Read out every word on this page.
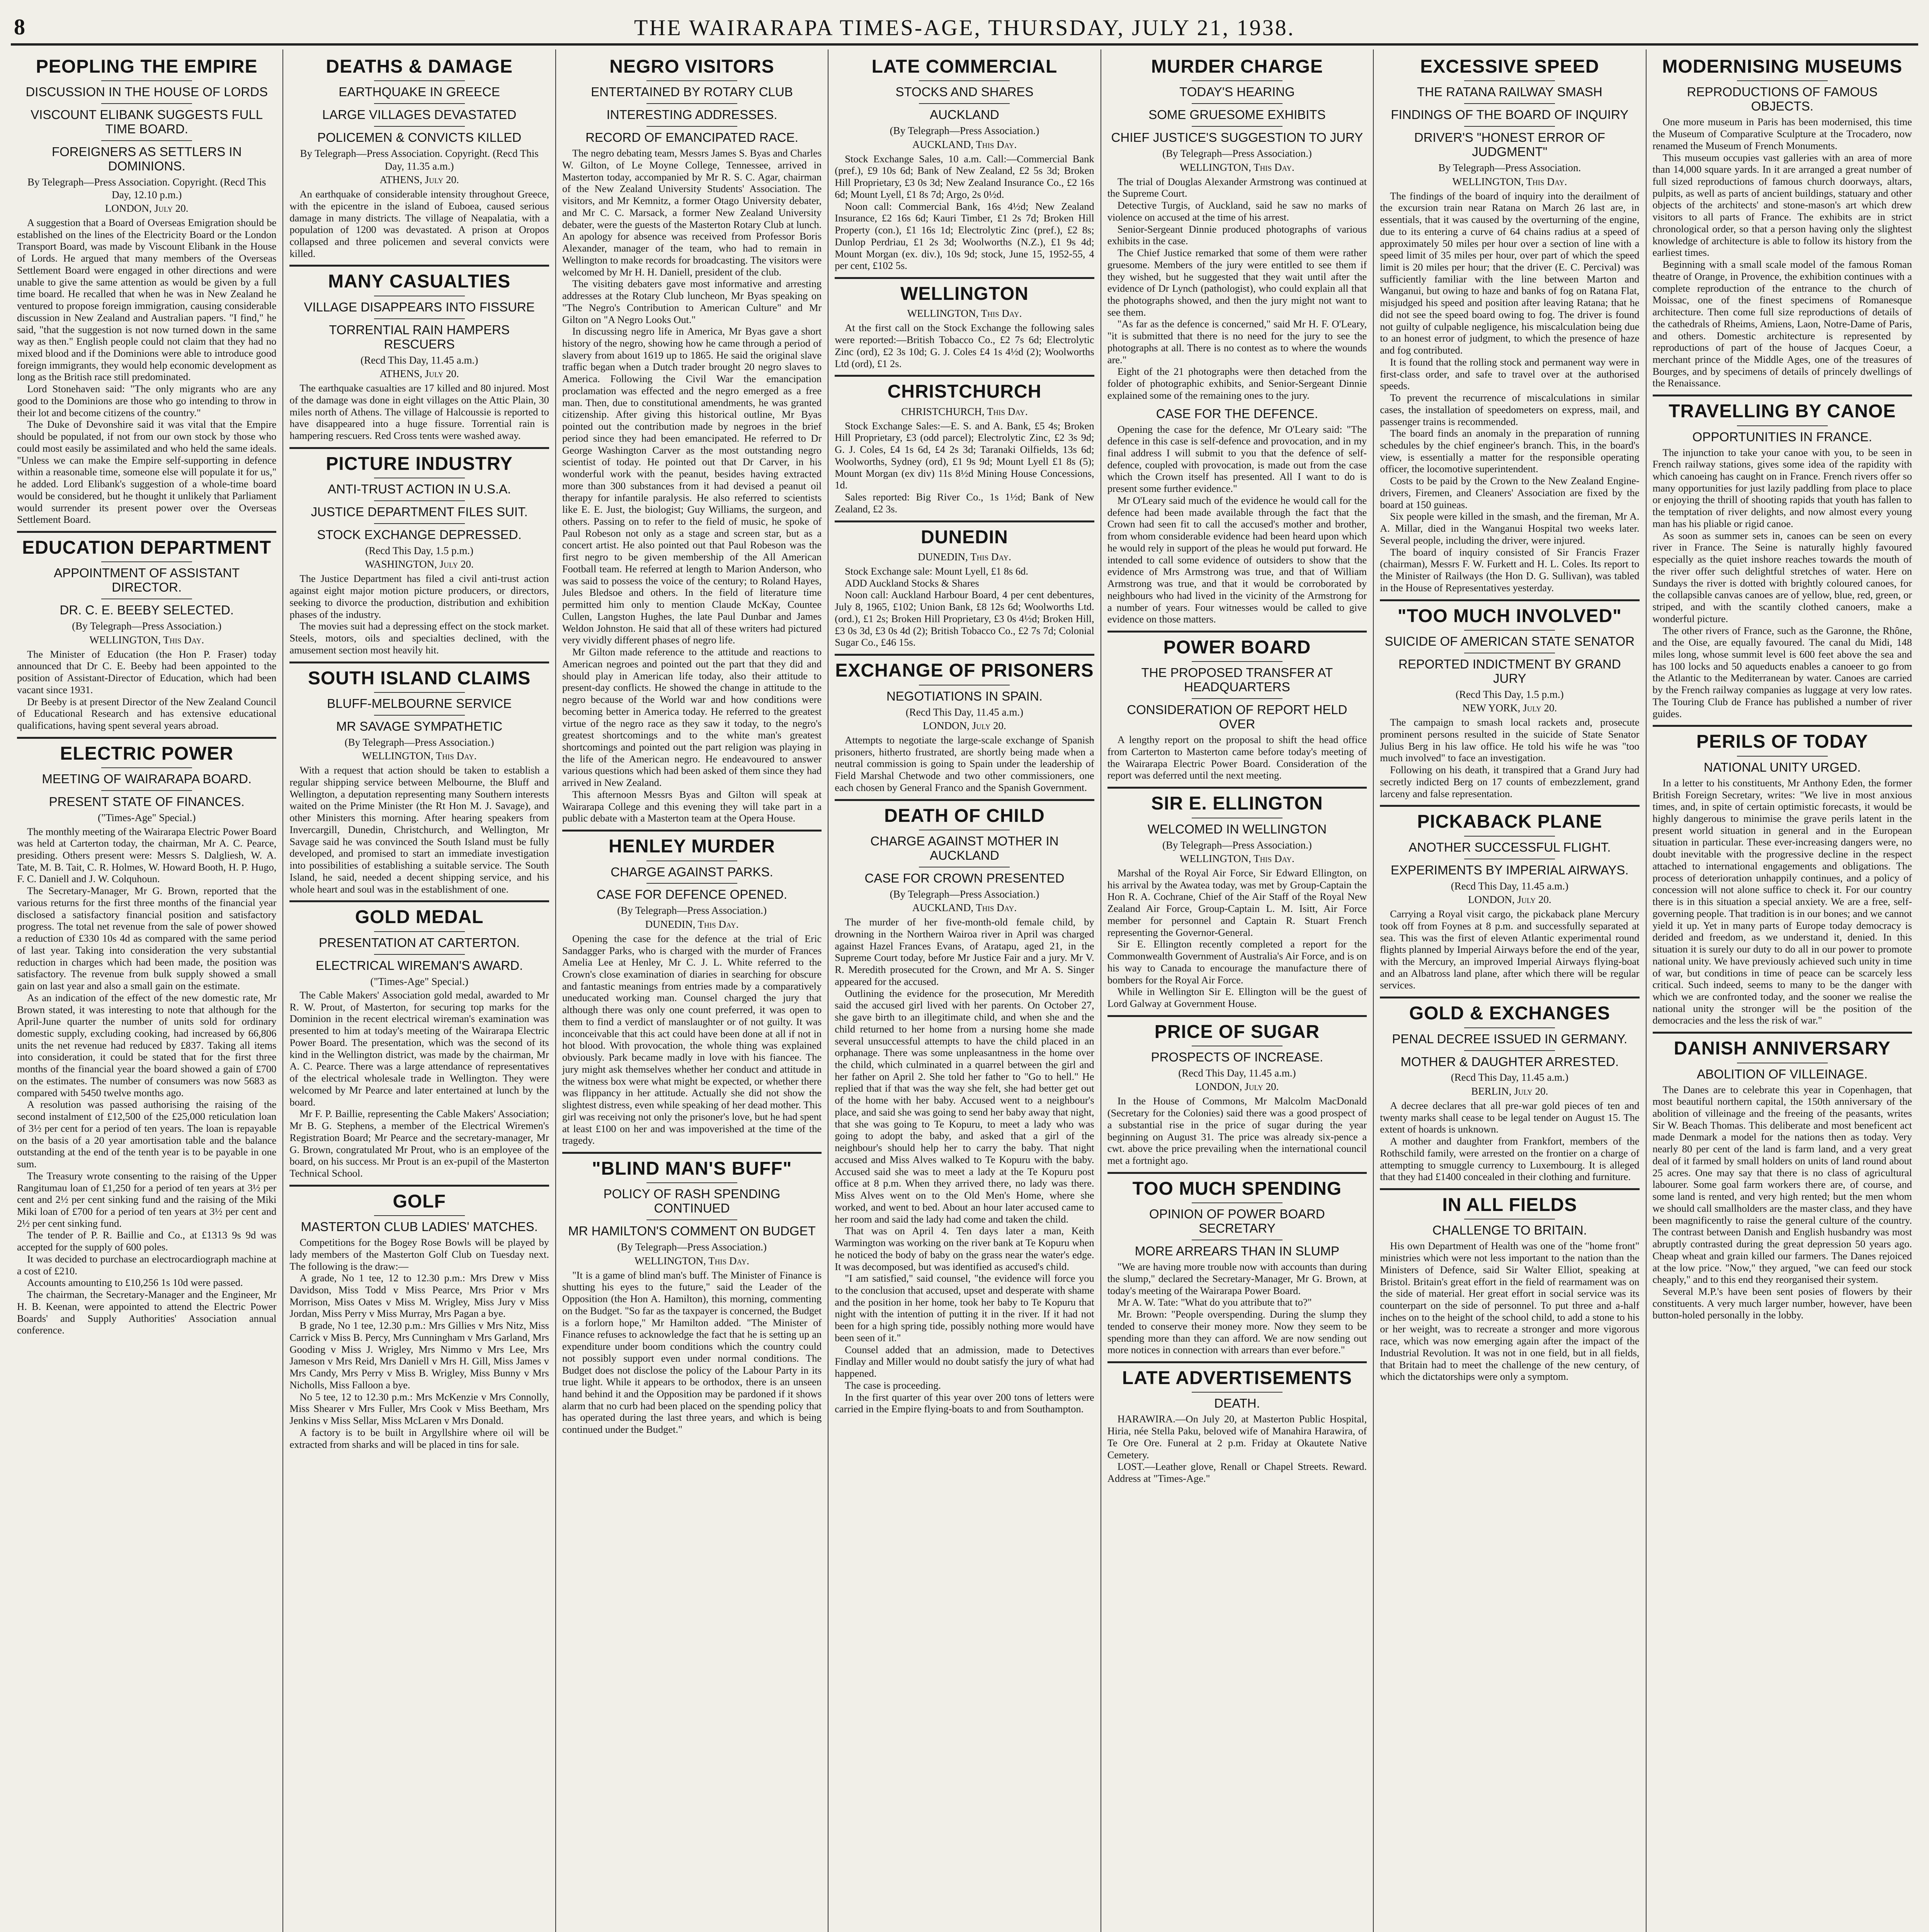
8	THE WAIRARAPA TIMES-AGE, THURSDAY, JULY 21, 1938.
PEOPLING THE EMPIRE
DISCUSSION IN THE HOUSE OF LORDS
VISCOUNT ELIBANK SUGGESTS FULL TIME BOARD.
FOREIGNERS AS SETTLERS IN DOMINIONS.
By Telegraph—Press Association. Copyright. (Recd This Day, 12.10 p.m.)
LONDON, July 20.

A suggestion that a Board of Overseas Emigration should be established on the lines of the Electricity Board or the London Transport Board, was made by Viscount Elibank in the House of Lords. He argued that many members of the Overseas Settlement Board were engaged in other directions and were unable to give the same attention as would be given by a full time board. He recalled that when he was in New Zealand he ventured to propose foreign immigration, causing considerable discussion in New Zealand and Australian papers. "I find," he said, "that the suggestion is not now turned down in the same way as then." English people could not claim that they had no mixed blood and if the Dominions were able to introduce good foreign immigrants, they would help economic development as long as the British race still predominated.

Lord Stonehaven said: "The only migrants who are any good to the Dominions are those who go intending to throw in their lot and become citizens of the country."

The Duke of Devonshire said it was vital that the Empire should be populated, if not from our own stock by those who could most easily be assimilated and who held the same ideals. "Unless we can make the Empire self-supporting in defence within a reasonable time, someone else will populate it for us," he added. Lord Elibank's suggestion of a whole-time board would be considered, but he thought it unlikely that Parliament would surrender its present power over the Overseas Settlement Board.

EDUCATION DEPARTMENT
APPOINTMENT OF ASSISTANT DIRECTOR.
DR. C. E. BEEBY SELECTED.
(By Telegraph—Press Association.)
WELLINGTON, This Day.

The Minister of Education (the Hon P. Fraser) today announced that Dr C. E. Beeby had been appointed to the position of Assistant-Director of Education, which had been vacant since 1931.

Dr Beeby is at present Director of the New Zealand Council of Educational Research and has extensive educational qualifications, having spent several years abroad.

ELECTRIC POWER
MEETING OF WAIRARAPA BOARD.
PRESENT STATE OF FINANCES.
("Times-Age" Special.)

The monthly meeting of the Wairarapa Electric Power Board was held at Carterton today, the chairman, Mr A. C. Pearce, presiding. Others present were: Messrs S. Dalgliesh, W. A. Tate, M. B. Tait, C. R. Holmes, W. Howard Booth, H. P. Hugo, F. C. Daniell and J. W. Colquhoun.

The Secretary-Manager, Mr G. Brown, reported that the various returns for the first three months of the financial year disclosed a satisfactory financial position and satisfactory progress. The total net revenue from the sale of power showed a reduction of £330 10s 4d as compared with the same period of last year. Taking into consideration the very substantial reduction in charges which had been made, the position was satisfactory. The revenue from bulk supply showed a small gain on last year and also a small gain on the estimate.

As an indication of the effect of the new domestic rate, Mr Brown stated, it was interesting to note that although for the April-June quarter the number of units sold for ordinary domestic supply, excluding cooking, had increased by 66,806 units the net revenue had reduced by £837. Taking all items into consideration, it could be stated that for the first three months of the financial year the board showed a gain of £700 on the estimates. The number of consumers was now 5683 as compared with 5450 twelve months ago.

A resolution was passed authorising the raising of the second instalment of £12,500 of the £25,000 reticulation loan of 3½ per cent for a period of ten years. The loan is repayable on the basis of a 20 year amortisation table and the balance outstanding at the end of the tenth year is to be payable in one sum.

The Treasury wrote consenting to the raising of the Upper Rangitumau loan of £1,250 for a period of ten years at 3½ per cent and 2½ per cent sinking fund and the raising of the Miki Miki loan of £700 for a period of ten years at 3½ per cent and 2½ per cent sinking fund.

The tender of P. R. Baillie and Co., at £1313 9s 9d was accepted for the supply of 600 poles.

It was decided to purchase an electrocardiograph machine at a cost of £210.

Accounts amounting to £10,256 1s 10d were passed.

The chairman, the Secretary-Manager and the Engineer, Mr H. B. Keenan, were appointed to attend the Electric Power Boards' and Supply Authorities' Association annual conference.

DEATHS & DAMAGE
EARTHQUAKE IN GREECE
LARGE VILLAGES DEVASTATED
POLICEMEN & CONVICTS KILLED
By Telegraph—Press Association. Copyright. (Recd This Day, 11.35 a.m.)
ATHENS, July 20.

An earthquake of considerable intensity throughout Greece, with the epicentre in the island of Euboea, caused serious damage in many districts. The village of Neapalatia, with a population of 1200 was devastated. A prison at Oropos collapsed and three policemen and several convicts were killed.

MANY CASUALTIES
VILLAGE DISAPPEARS INTO FISSURE
TORRENTIAL RAIN HAMPERS RESCUERS
(Recd This Day, 11.45 a.m.)
ATHENS, July 20.

The earthquake casualties are 17 killed and 80 injured. Most of the damage was done in eight villages on the Attic Plain, 30 miles north of Athens. The village of Halcoussie is reported to have disappeared into a huge fissure. Torrential rain is hampering rescuers. Red Cross tents were washed away.

PICTURE INDUSTRY
ANTI-TRUST ACTION IN U.S.A.
JUSTICE DEPARTMENT FILES SUIT.
STOCK EXCHANGE DEPRESSED.
(Recd This Day, 1.5 p.m.)
WASHINGTON, July 20.

The Justice Department has filed a civil anti-trust action against eight major motion picture producers, or directors, seeking to divorce the production, distribution and exhibition phases of the industry.

The movies suit had a depressing effect on the stock market. Steels, motors, oils and specialties declined, with the amusement section most heavily hit.

SOUTH ISLAND CLAIMS
BLUFF-MELBOURNE SERVICE
MR SAVAGE SYMPATHETIC
(By Telegraph—Press Association.)
WELLINGTON, This Day.

With a request that action should be taken to establish a regular shipping service between Melbourne, the Bluff and Wellington, a deputation representing many Southern interests waited on the Prime Minister (the Rt Hon M. J. Savage), and other Ministers this morning. After hearing speakers from Invercargill, Dunedin, Christchurch, and Wellington, Mr Savage said he was convinced the South Island must be fully developed, and promised to start an immediate investigation into possibilities of establishing a suitable service. The South Island, he said, needed a decent shipping service, and his whole heart and soul was in the establishment of one.

GOLD MEDAL
PRESENTATION AT CARTERTON.
ELECTRICAL WIREMAN'S AWARD.
("Times-Age" Special.)

The Cable Makers' Association gold medal, awarded to Mr R. W. Prout, of Masterton, for securing top marks for the Dominion in the recent electrical wireman's examination was presented to him at today's meeting of the Wairarapa Electric Power Board. The presentation, which was the second of its kind in the Wellington district, was made by the chairman, Mr A. C. Pearce. There was a large attendance of representatives of the electrical wholesale trade in Wellington. They were welcomed by Mr Pearce and later entertained at lunch by the board.

Mr F. P. Baillie, representing the Cable Makers' Association; Mr B. G. Stephens, a member of the Electrical Wiremen's Registration Board; Mr Pearce and the secretary-manager, Mr G. Brown, congratulated Mr Prout, who is an employee of the board, on his success. Mr Prout is an ex-pupil of the Masterton Technical School.

GOLF
MASTERTON CLUB LADIES' MATCHES.

Competitions for the Bogey Rose Bowls will be played by lady members of the Masterton Golf Club on Tuesday next. The following is the draw:—

A grade, No 1 tee, 12 to 12.30 p.m.: Mrs Drew v Miss Davidson, Miss Todd v Miss Pearce, Mrs Prior v Mrs Morrison, Miss Oates v Miss M. Wrigley, Miss Jury v Miss Jordan, Miss Perry v Miss Murray, Mrs Pagan a bye.

B grade, No 1 tee, 12.30 p.m.: Mrs Gillies v Mrs Nitz, Miss Carrick v Miss B. Percy, Mrs Cunningham v Mrs Garland, Mrs Gooding v Miss J. Wrigley, Mrs Nimmo v Mrs Lee, Mrs Jameson v Mrs Reid, Mrs Daniell v Mrs H. Gill, Miss James v Mrs Candy, Mrs Perry v Miss B. Wrigley, Miss Bunny v Mrs Nicholls, Miss Falloon a bye.

No 5 tee, 12 to 12.30 p.m.: Mrs McKenzie v Mrs Connolly, Miss Shearer v Mrs Fuller, Mrs Cook v Miss Beetham, Mrs Jenkins v Miss Sellar, Miss McLaren v Mrs Donald.

A factory is to be built in Argyllshire where oil will be extracted from sharks and will be placed in tins for sale.

NEGRO VISITORS
ENTERTAINED BY ROTARY CLUB
INTERESTING ADDRESSES.
RECORD OF EMANCIPATED RACE.

The negro debating team, Messrs James S. Byas and Charles W. Gilton, of Le Moyne College, Tennessee, arrived in Masterton today, accompanied by Mr R. S. C. Agar, chairman of the New Zealand University Students' Association. The visitors, and Mr Kemnitz, a former Otago University debater, and Mr C. C. Marsack, a former New Zealand University debater, were the guests of the Masterton Rotary Club at lunch. An apology for absence was received from Professor Boris Alexander, manager of the team, who had to remain in Wellington to make records for broadcasting. The visitors were welcomed by Mr H. H. Daniell, president of the club.

The visiting debaters gave most informative and arresting addresses at the Rotary Club luncheon, Mr Byas speaking on "The Negro's Contribution to American Culture" and Mr Gilton on "A Negro Looks Out."

In discussing negro life in America, Mr Byas gave a short history of the negro, showing how he came through a period of slavery from about 1619 up to 1865. He said the original slave traffic began when a Dutch trader brought 20 negro slaves to America. Following the Civil War the emancipation proclamation was effected and the negro emerged as a free man. Then, due to constitutional amendments, he was granted citizenship. After giving this historical outline, Mr Byas pointed out the contribution made by negroes in the brief period since they had been emancipated. He referred to Dr George Washington Carver as the most outstanding negro scientist of today. He pointed out that Dr Carver, in his wonderful work with the peanut, besides having extracted more than 300 substances from it had devised a peanut oil therapy for infantile paralysis. He also referred to scientists like E. E. Just, the biologist; Guy Williams, the surgeon, and others. Passing on to refer to the field of music, he spoke of Paul Robeson not only as a stage and screen star, but as a concert artist. He also pointed out that Paul Robeson was the first negro to be given membership of the All American Football team. He referred at length to Marion Anderson, who was said to possess the voice of the century; to Roland Hayes, Jules Bledsoe and others. In the field of literature time permitted him only to mention Claude McKay, Countee Cullen, Langston Hughes, the late Paul Dunbar and James Weldon Johnston. He said that all of these writers had pictured very vividly different phases of negro life.

Mr Gilton made reference to the attitude and reactions to American negroes and pointed out the part that they did and should play in American life today, also their attitude to present-day conflicts. He showed the change in attitude to the negro because of the World war and how conditions were becoming better in America today. He referred to the greatest virtue of the negro race as they saw it today, to the negro's greatest shortcomings and to the white man's greatest shortcomings and pointed out the part religion was playing in the life of the American negro. He endeavoured to answer various questions which had been asked of them since they had arrived in New Zealand.

This afternoon Messrs Byas and Gilton will speak at Wairarapa College and this evening they will take part in a public debate with a Masterton team at the Opera House.

HENLEY MURDER
CHARGE AGAINST PARKS.
CASE FOR DEFENCE OPENED.
(By Telegraph—Press Association.)
DUNEDIN, This Day.

Opening the case for the defence at the trial of Eric Sandagger Parks, who is charged with the murder of Frances Amelia Lee at Henley, Mr C. J. L. White referred to the Crown's close examination of diaries in searching for obscure and fantastic meanings from entries made by a comparatively uneducated working man. Counsel charged the jury that although there was only one count preferred, it was open to them to find a verdict of manslaughter or of not guilty. It was inconceivable that this act could have been done at all if not in hot blood. With provocation, the whole thing was explained obviously. Park became madly in love with his fiancee. The jury might ask themselves whether her conduct and attitude in the witness box were what might be expected, or whether there was flippancy in her attitude. Actually she did not show the slightest distress, even while speaking of her dead mother. This girl was receiving not only the prisoner's love, but he had spent at least £100 on her and was impoverished at the time of the tragedy.

"BLIND MAN'S BUFF"
POLICY OF RASH SPENDING CONTINUED
MR HAMILTON'S COMMENT ON BUDGET
(By Telegraph—Press Association.)
WELLINGTON, This Day.

"It is a game of blind man's buff. The Minister of Finance is shutting his eyes to the future," said the Leader of the Opposition (the Hon A. Hamilton), this morning, commenting on the Budget. "So far as the taxpayer is concerned, the Budget is a forlorn hope," Mr Hamilton added. "The Minister of Finance refuses to acknowledge the fact that he is setting up an expenditure under boom conditions which the country could not possibly support even under normal conditions. The Budget does not disclose the policy of the Labour Party in its true light. While it appears to be orthodox, there is an unseen hand behind it and the Opposition may be pardoned if it shows alarm that no curb had been placed on the spending policy that has operated during the last three years, and which is being continued under the Budget."

LATE COMMERCIAL
STOCKS AND SHARES
AUCKLAND
(By Telegraph—Press Association.)
AUCKLAND, This Day.

Stock Exchange Sales, 10 a.m. Call:—Commercial Bank (pref.), £9 10s 6d; Bank of New Zealand, £2 5s 3d; Broken Hill Proprietary, £3 0s 3d; New Zealand Insurance Co., £2 16s 6d; Mount Lyell, £1 8s 7d; Argo, 2s 0½d.

Noon call: Commercial Bank, 16s 4½d; New Zealand Insurance, £2 16s 6d; Kauri Timber, £1 2s 7d; Broken Hill Property (con.), £1 16s 1d; Electrolytic Zinc (pref.), £2 8s; Dunlop Perdriau, £1 2s 3d; Woolworths (N.Z.), £1 9s 4d; Mount Morgan (ex. div.), 10s 9d; stock, June 15, 1952-55, 4 per cent, £102 5s.

WELLINGTON
WELLINGTON, This Day.

At the first call on the Stock Exchange the following sales were reported:—British Tobacco Co., £2 7s 6d; Electrolytic Zinc (ord), £2 3s 10d; G. J. Coles £4 1s 4½d (2); Woolworths Ltd (ord), £1 2s.

CHRISTCHURCH
CHRISTCHURCH, This Day.

Stock Exchange Sales:—E. S. and A. Bank, £5 4s; Broken Hill Proprietary, £3 (odd parcel); Electrolytic Zinc, £2 3s 9d; G. J. Coles, £4 1s 6d, £4 2s 3d; Taranaki Oilfields, 13s 6d; Woolworths, Sydney (ord), £1 9s 9d; Mount Lyell £1 8s (5); Mount Morgan (ex div) 11s 8½d Mining House Concessions, 1d.

Sales reported: Big River Co., 1s 1½d; Bank of New Zealand, £2 3s.

DUNEDIN
DUNEDIN, This Day.

Stock Exchange sale: Mount Lyell, £1 8s 6d.

ADD Auckland Stocks & Shares

Noon call: Auckland Harbour Board, 4 per cent debentures, July 8, 1965, £102; Union Bank, £8 12s 6d; Woolworths Ltd. (ord.), £1 2s; Broken Hill Proprietary, £3 0s 4½d; Broken Hill, £3 0s 3d, £3 0s 4d (2); British Tobacco Co., £2 7s 7d; Colonial Sugar Co., £46 15s.

EXCHANGE OF PRISONERS
NEGOTIATIONS IN SPAIN.
(Recd This Day, 11.45 a.m.)
LONDON, July 20.

Attempts to negotiate the large-scale exchange of Spanish prisoners, hitherto frustrated, are shortly being made when a neutral commission is going to Spain under the leadership of Field Marshal Chetwode and two other commissioners, one each chosen by General Franco and the Spanish Government.

DEATH OF CHILD
CHARGE AGAINST MOTHER IN AUCKLAND
CASE FOR CROWN PRESENTED
(By Telegraph—Press Association.)
AUCKLAND, This Day.

The murder of her five-month-old female child, by drowning in the Northern Wairoa river in April was charged against Hazel Frances Evans, of Aratapu, aged 21, in the Supreme Court today, before Mr Justice Fair and a jury. Mr V. R. Meredith prosecuted for the Crown, and Mr A. S. Singer appeared for the accused.

Outlining the evidence for the prosecution, Mr Meredith said the accused girl lived with her parents. On October 27, she gave birth to an illegitimate child, and when she and the child returned to her home from a nursing home she made several unsuccessful attempts to have the child placed in an orphanage. There was some unpleasantness in the home over the child, which culminated in a quarrel between the girl and her father on April 2. She told her father to "Go to hell." He replied that if that was the way she felt, she had better get out of the home with her baby. Accused went to a neighbour's place, and said she was going to send her baby away that night, that she was going to Te Kopuru, to meet a lady who was going to adopt the baby, and asked that a girl of the neighbour's should help her to carry the baby. That night accused and Miss Alves walked to Te Kopuru with the baby. Accused said she was to meet a lady at the Te Kopuru post office at 8 p.m. When they arrived there, no lady was there. Miss Alves went on to the Old Men's Home, where she worked, and went to bed. About an hour later accused came to her room and said the lady had come and taken the child.

That was on April 4. Ten days later a man, Keith Warmington was working on the river bank at Te Kopuru when he noticed the body of baby on the grass near the water's edge. It was decomposed, but was identified as accused's child.

"I am satisfied," said counsel, "the evidence will force you to the conclusion that accused, upset and desperate with shame and the position in her home, took her baby to Te Kopuru that night with the intention of putting it in the river. If it had not been for a high spring tide, possibly nothing more would have been seen of it."

Counsel added that an admission, made to Detectives Findlay and Miller would no doubt satisfy the jury of what had happened.

The case is proceeding.

In the first quarter of this year over 200 tons of letters were carried in the Empire flying-boats to and from Southampton.

MURDER CHARGE
TODAY'S HEARING
SOME GRUESOME EXHIBITS
CHIEF JUSTICE'S SUGGESTION TO JURY
(By Telegraph—Press Association.)
WELLINGTON, This Day.

The trial of Douglas Alexander Armstrong was continued at the Supreme Court.

Detective Turgis, of Auckland, said he saw no marks of violence on accused at the time of his arrest.

Senior-Sergeant Dinnie produced photographs of various exhibits in the case.

The Chief Justice remarked that some of them were rather gruesome. Members of the jury were entitled to see them if they wished, but he suggested that they wait until after the evidence of Dr Lynch (pathologist), who could explain all that the photographs showed, and then the jury might not want to see them.

"As far as the defence is concerned," said Mr H. F. O'Leary, "it is submitted that there is no need for the jury to see the photographs at all. There is no contest as to where the wounds are."

Eight of the 21 photographs were then detached from the folder of photographic exhibits, and Senior-Sergeant Dinnie explained some of the remaining ones to the jury.

CASE FOR THE DEFENCE.

Opening the case for the defence, Mr O'Leary said: "The defence in this case is self-defence and provocation, and in my final address I will submit to you that the defence of self-defence, coupled with provocation, is made out from the case which the Crown itself has presented. All I want to do is present some further evidence."

Mr O'Leary said much of the evidence he would call for the defence had been made available through the fact that the Crown had seen fit to call the accused's mother and brother, from whom considerable evidence had been heard upon which he would rely in support of the pleas he would put forward. He intended to call some evidence of outsiders to show that the evidence of Mrs Armstrong was true, and that of William Armstrong was true, and that it would be corroborated by neighbours who had lived in the vicinity of the Armstrong for a number of years. Four witnesses would be called to give evidence on those matters.

POWER BOARD
THE PROPOSED TRANSFER AT HEADQUARTERS
CONSIDERATION OF REPORT HELD OVER

A lengthy report on the proposal to shift the head office from Carterton to Masterton came before today's meeting of the Wairarapa Electric Power Board. Consideration of the report was deferred until the next meeting.

SIR E. ELLINGTON
WELCOMED IN WELLINGTON
(By Telegraph—Press Association.)
WELLINGTON, This Day.

Marshal of the Royal Air Force, Sir Edward Ellington, on his arrival by the Awatea today, was met by Group-Captain the Hon R. A. Cochrane, Chief of the Air Staff of the Royal New Zealand Air Force, Group-Captain L. M. Isitt, Air Force member for personnel and Captain R. Stuart French representing the Governor-General.

Sir E. Ellington recently completed a report for the Commonwealth Government of Australia's Air Force, and is on his way to Canada to encourage the manufacture there of bombers for the Royal Air Force.

While in Wellington Sir E. Ellington will be the guest of Lord Galway at Government House.

PRICE OF SUGAR
PROSPECTS OF INCREASE.
(Recd This Day, 11.45 a.m.)
LONDON, July 20.

In the House of Commons, Mr Malcolm MacDonald (Secretary for the Colonies) said there was a good prospect of a substantial rise in the price of sugar during the year beginning on August 31. The price was already six-pence a cwt. above the price prevailing when the international council met a fortnight ago.

TOO MUCH SPENDING
OPINION OF POWER BOARD SECRETARY
MORE ARREARS THAN IN SLUMP

"We are having more trouble now with accounts than during the slump," declared the Secretary-Manager, Mr G. Brown, at today's meeting of the Wairarapa Power Board.

Mr A. W. Tate: "What do you attribute that to?"

Mr. Brown: "People overspending. During the slump they tended to conserve their money more. Now they seem to be spending more than they can afford. We are now sending out more notices in connection with arrears than ever before."

LATE ADVERTISEMENTS
DEATH.

HARAWIRA.—On July 20, at Masterton Public Hospital, Hiria, née Stella Paku, beloved wife of Manahira Harawira, of Te Ore Ore. Funeral at 2 p.m. Friday at Okautete Native Cemetery.

LOST.—Leather glove, Renall or Chapel Streets. Reward. Address at "Times-Age."

EXCESSIVE SPEED
THE RATANA RAILWAY SMASH
FINDINGS OF THE BOARD OF INQUIRY
DRIVER'S "HONEST ERROR OF JUDGMENT"
By Telegraph—Press Association.
WELLINGTON, This Day.

The findings of the board of inquiry into the derailment of the excursion train near Ratana on March 26 last are, in essentials, that it was caused by the overturning of the engine, due to its entering a curve of 64 chains radius at a speed of approximately 50 miles per hour over a section of line with a speed limit of 35 miles per hour, over part of which the speed limit is 20 miles per hour; that the driver (E. C. Percival) was sufficiently familiar with the line between Marton and Wanganui, but owing to haze and banks of fog on Ratana Flat, misjudged his speed and position after leaving Ratana; that he did not see the speed board owing to fog. The driver is found not guilty of culpable negligence, his miscalculation being due to an honest error of judgment, to which the presence of haze and fog contributed.

It is found that the rolling stock and permanent way were in first-class order, and safe to travel over at the authorised speeds.

To prevent the recurrence of miscalculations in similar cases, the installation of speedometers on express, mail, and passenger trains is recommended.

The board finds an anomaly in the preparation of running schedules by the chief engineer's branch. This, in the board's view, is essentially a matter for the responsible operating officer, the locomotive superintendent.

Costs to be paid by the Crown to the New Zealand Engine-drivers, Firemen, and Cleaners' Association are fixed by the board at 150 guineas.

Six people were killed in the smash, and the fireman, Mr A. A. Millar, died in the Wanganui Hospital two weeks later. Several people, including the driver, were injured.

The board of inquiry consisted of Sir Francis Frazer (chairman), Messrs F. W. Furkett and H. L. Coles. Its report to the Minister of Railways (the Hon D. G. Sullivan), was tabled in the House of Representatives yesterday.

"TOO MUCH INVOLVED"
SUICIDE OF AMERICAN STATE SENATOR
REPORTED INDICTMENT BY GRAND JURY
(Recd This Day, 1.5 p.m.)
NEW YORK, July 20.

The campaign to smash local rackets and, prosecute prominent persons resulted in the suicide of State Senator Julius Berg in his law office. He told his wife he was "too much involved" to face an investigation.

Following on his death, it transpired that a Grand Jury had secretly indicted Berg on 17 counts of embezzlement, grand larceny and false representation.

PICKABACK PLANE
ANOTHER SUCCESSFUL FLIGHT.
EXPERIMENTS BY IMPERIAL AIRWAYS.
(Recd This Day, 11.45 a.m.)
LONDON, July 20.

Carrying a Royal visit cargo, the pickaback plane Mercury took off from Foynes at 8 p.m. and successfully separated at sea. This was the first of eleven Atlantic experimental round flights planned by Imperial Airways before the end of the year, with the Mercury, an improved Imperial Airways flying-boat and an Albatross land plane, after which there will be regular services.

GOLD & EXCHANGES
PENAL DECREE ISSUED IN GERMANY.
MOTHER & DAUGHTER ARRESTED.
(Recd This Day, 11.45 a.m.)
BERLIN, July 20.

A decree declares that all pre-war gold pieces of ten and twenty marks shall cease to be legal tender on August 15. The extent of hoards is unknown.

A mother and daughter from Frankfort, members of the Rothschild family, were arrested on the frontier on a charge of attempting to smuggle currency to Luxembourg. It is alleged that they had £1400 concealed in their clothing and furniture.

IN ALL FIELDS
CHALLENGE TO BRITAIN.

His own Department of Health was one of the "home front" ministries which were not less important to the nation than the Ministers of Defence, said Sir Walter Elliot, speaking at Bristol. Britain's great effort in the field of rearmament was on the side of material. Her great effort in social service was its counterpart on the side of personnel. To put three and a-half inches on to the height of the school child, to add a stone to his or her weight, was to recreate a stronger and more vigorous race, which was now emerging again after the impact of the Industrial Revolution. It was not in one field, but in all fields, that Britain had to meet the challenge of the new century, of which the dictatorships were only a symptom.

MODERNISING MUSEUMS
REPRODUCTIONS OF FAMOUS OBJECTS.

One more museum in Paris has been modernised, this time the Museum of Comparative Sculpture at the Trocadero, now renamed the Museum of French Monuments.

This museum occupies vast galleries with an area of more than 14,000 square yards. In it are arranged a great number of full sized reproductions of famous church doorways, altars, pulpits, as well as parts of ancient buildings, statuary and other objects of the architects' and stone-mason's art which drew visitors to all parts of France. The exhibits are in strict chronological order, so that a person having only the slightest knowledge of architecture is able to follow its history from the earliest times.

Beginning with a small scale model of the famous Roman theatre of Orange, in Provence, the exhibition continues with a complete reproduction of the entrance to the church of Moissac, one of the finest specimens of Romanesque architecture. Then come full size reproductions of details of the cathedrals of Rheims, Amiens, Laon, Notre-Dame of Paris, and others. Domestic architecture is represented by reproductions of part of the house of Jacques Coeur, a merchant prince of the Middle Ages, one of the treasures of Bourges, and by specimens of details of princely dwellings of the Renaissance.

TRAVELLING BY CANOE
OPPORTUNITIES IN FRANCE.

The injunction to take your canoe with you, to be seen in French railway stations, gives some idea of the rapidity with which canoeing has caught on in France. French rivers offer so many opportunities for just lazily paddling from place to place or enjoying the thrill of shooting rapids that youth has fallen to the temptation of river delights, and now almost every young man has his pliable or rigid canoe.

As soon as summer sets in, canoes can be seen on every river in France. The Seine is naturally highly favoured especially as the quiet inshore reaches towards the mouth of the river offer such delightful stretches of water. Here on Sundays the river is dotted with brightly coloured canoes, for the collapsible canvas canoes are of yellow, blue, red, green, or striped, and with the scantily clothed canoers, make a wonderful picture.

The other rivers of France, such as the Garonne, the Rhône, and the Oise, are equally favoured. The canal du Midi, 148 miles long, whose summit level is 600 feet above the sea and has 100 locks and 50 aqueducts enables a canoeer to go from the Atlantic to the Mediterranean by water. Canoes are carried by the French railway companies as luggage at very low rates. The Touring Club de France has published a number of river guides.

PERILS OF TODAY
NATIONAL UNITY URGED.

In a letter to his constituents, Mr Anthony Eden, the former British Foreign Secretary, writes: "We live in most anxious times, and, in spite of certain optimistic forecasts, it would be highly dangerous to minimise the grave perils latent in the present world situation in general and in the European situation in particular. These ever-increasing dangers were, no doubt inevitable with the progressive decline in the respect attached to international engagements and obligations. The process of deterioration unhappily continues, and a policy of concession will not alone suffice to check it. For our country there is in this situation a special anxiety. We are a free, self-governing people. That tradition is in our bones; and we cannot yield it up. Yet in many parts of Europe today democracy is derided and freedom, as we understand it, denied. In this situation it is surely our duty to do all in our power to promote national unity. We have previously achieved such unity in time of war, but conditions in time of peace can be scarcely less critical. Such indeed, seems to many to be the danger with which we are confronted today, and the sooner we realise the national unity the stronger will be the position of the democracies and the less the risk of war."

DANISH ANNIVERSARY
ABOLITION OF VILLEINAGE.

The Danes are to celebrate this year in Copenhagen, that most beautiful northern capital, the 150th anniversary of the abolition of villeinage and the freeing of the peasants, writes Sir W. Beach Thomas. This deliberate and most beneficent act made Denmark a model for the nations then as today. Very nearly 80 per cent of the land is farm land, and a very great deal of it farmed by small holders on units of land round about 25 acres. One may say that there is no class of agricultural labourer. Some goal farm workers there are, of course, and some land is rented, and very high rented; but the men whom we should call smallholders are the master class, and they have been magnificently to raise the general culture of the country. The contrast between Danish and English husbandry was most abruptly contrasted during the great depression 50 years ago. Cheap wheat and grain killed our farmers. The Danes rejoiced at the low price. "Now," they argued, "we can feed our stock cheaply," and to this end they reorganised their system.

Several M.P.'s have been sent posies of flowers by their constituents. A very much larger number, however, have been button-holed personally in the lobby.
